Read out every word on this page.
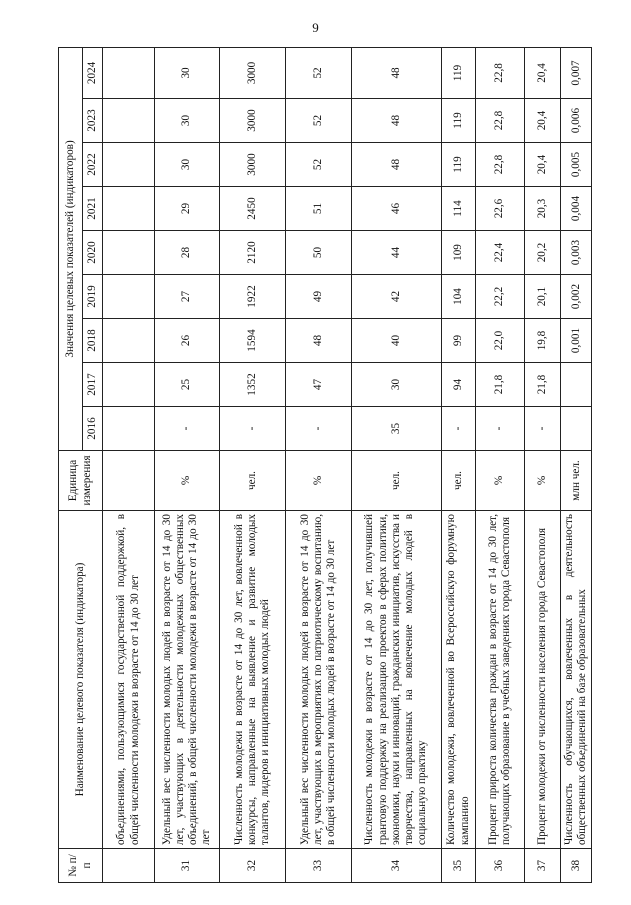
9
№ п/п	Наименование целевого показателя (индикатора)	Единица измерения	Значения целевых показателей (индикаторов)								
			2016	2017	2018	2019	2020	2021	2022	2023	2024
	объединениями, пользующимися государственной поддержкой, в общей численности молодежи в возрасте от 14 до 30 лет										
31	Удельный вес численности молодых людей в возрасте от 14 до 30 лет, участвующих в деятельности молодежных общественных объединений, в общей численности молодежи в возрасте от 14 до 30 лет	%	-	25	26	27	28	29	30	30	30
32	Численность молодежи в возрасте от 14 до 30 лет, вовлеченной в конкурсы, направленные на выявление и развитие молодых талантов, лидеров и инициативных молодых людей	чел.	-	1352	1594	1922	2120	2450	3000	3000	3000
33	Удельный вес численности молодых людей в возрасте от 14 до 30 лет, участвующих в мероприятиях по патриотическому воспитанию, в общей численности молодых людей в возрасте от 14 до 30 лет	%	-	47	48	49	50	51	52	52	52
34	Численность молодежи в возрасте от 14 до 30 лет, получившей грантовую поддержку на реализацию проектов в сферах политики, экономики, науки и инноваций, гражданских инициатив, искусства и творчества, направленных на вовлечение молодых людей в социальную практику	чел.	35	30	40	42	44	46	48	48	48
35	Количество молодежи, вовлеченной во Всероссийскую форумную кампанию	чел.	-	94	99	104	109	114	119	119	119
36	Процент прироста количества граждан в возрасте от 14 до 30 лет, получающих образование в учебных заведениях города Севастополя	%	-	21,8	22,0	22,2	22,4	22,6	22,8	22,8	22,8
37	Процент молодежи от численности населения города Севастополя	%	-	21,8	19,8	20,1	20,2	20,3	20,4	20,4	20,4
38	Численность обучающихся, вовлеченных в деятельность общественных объединений на базе образовательных	млн чел.			0,001	0,002	0,003	0,004	0,005	0,006	0,007
